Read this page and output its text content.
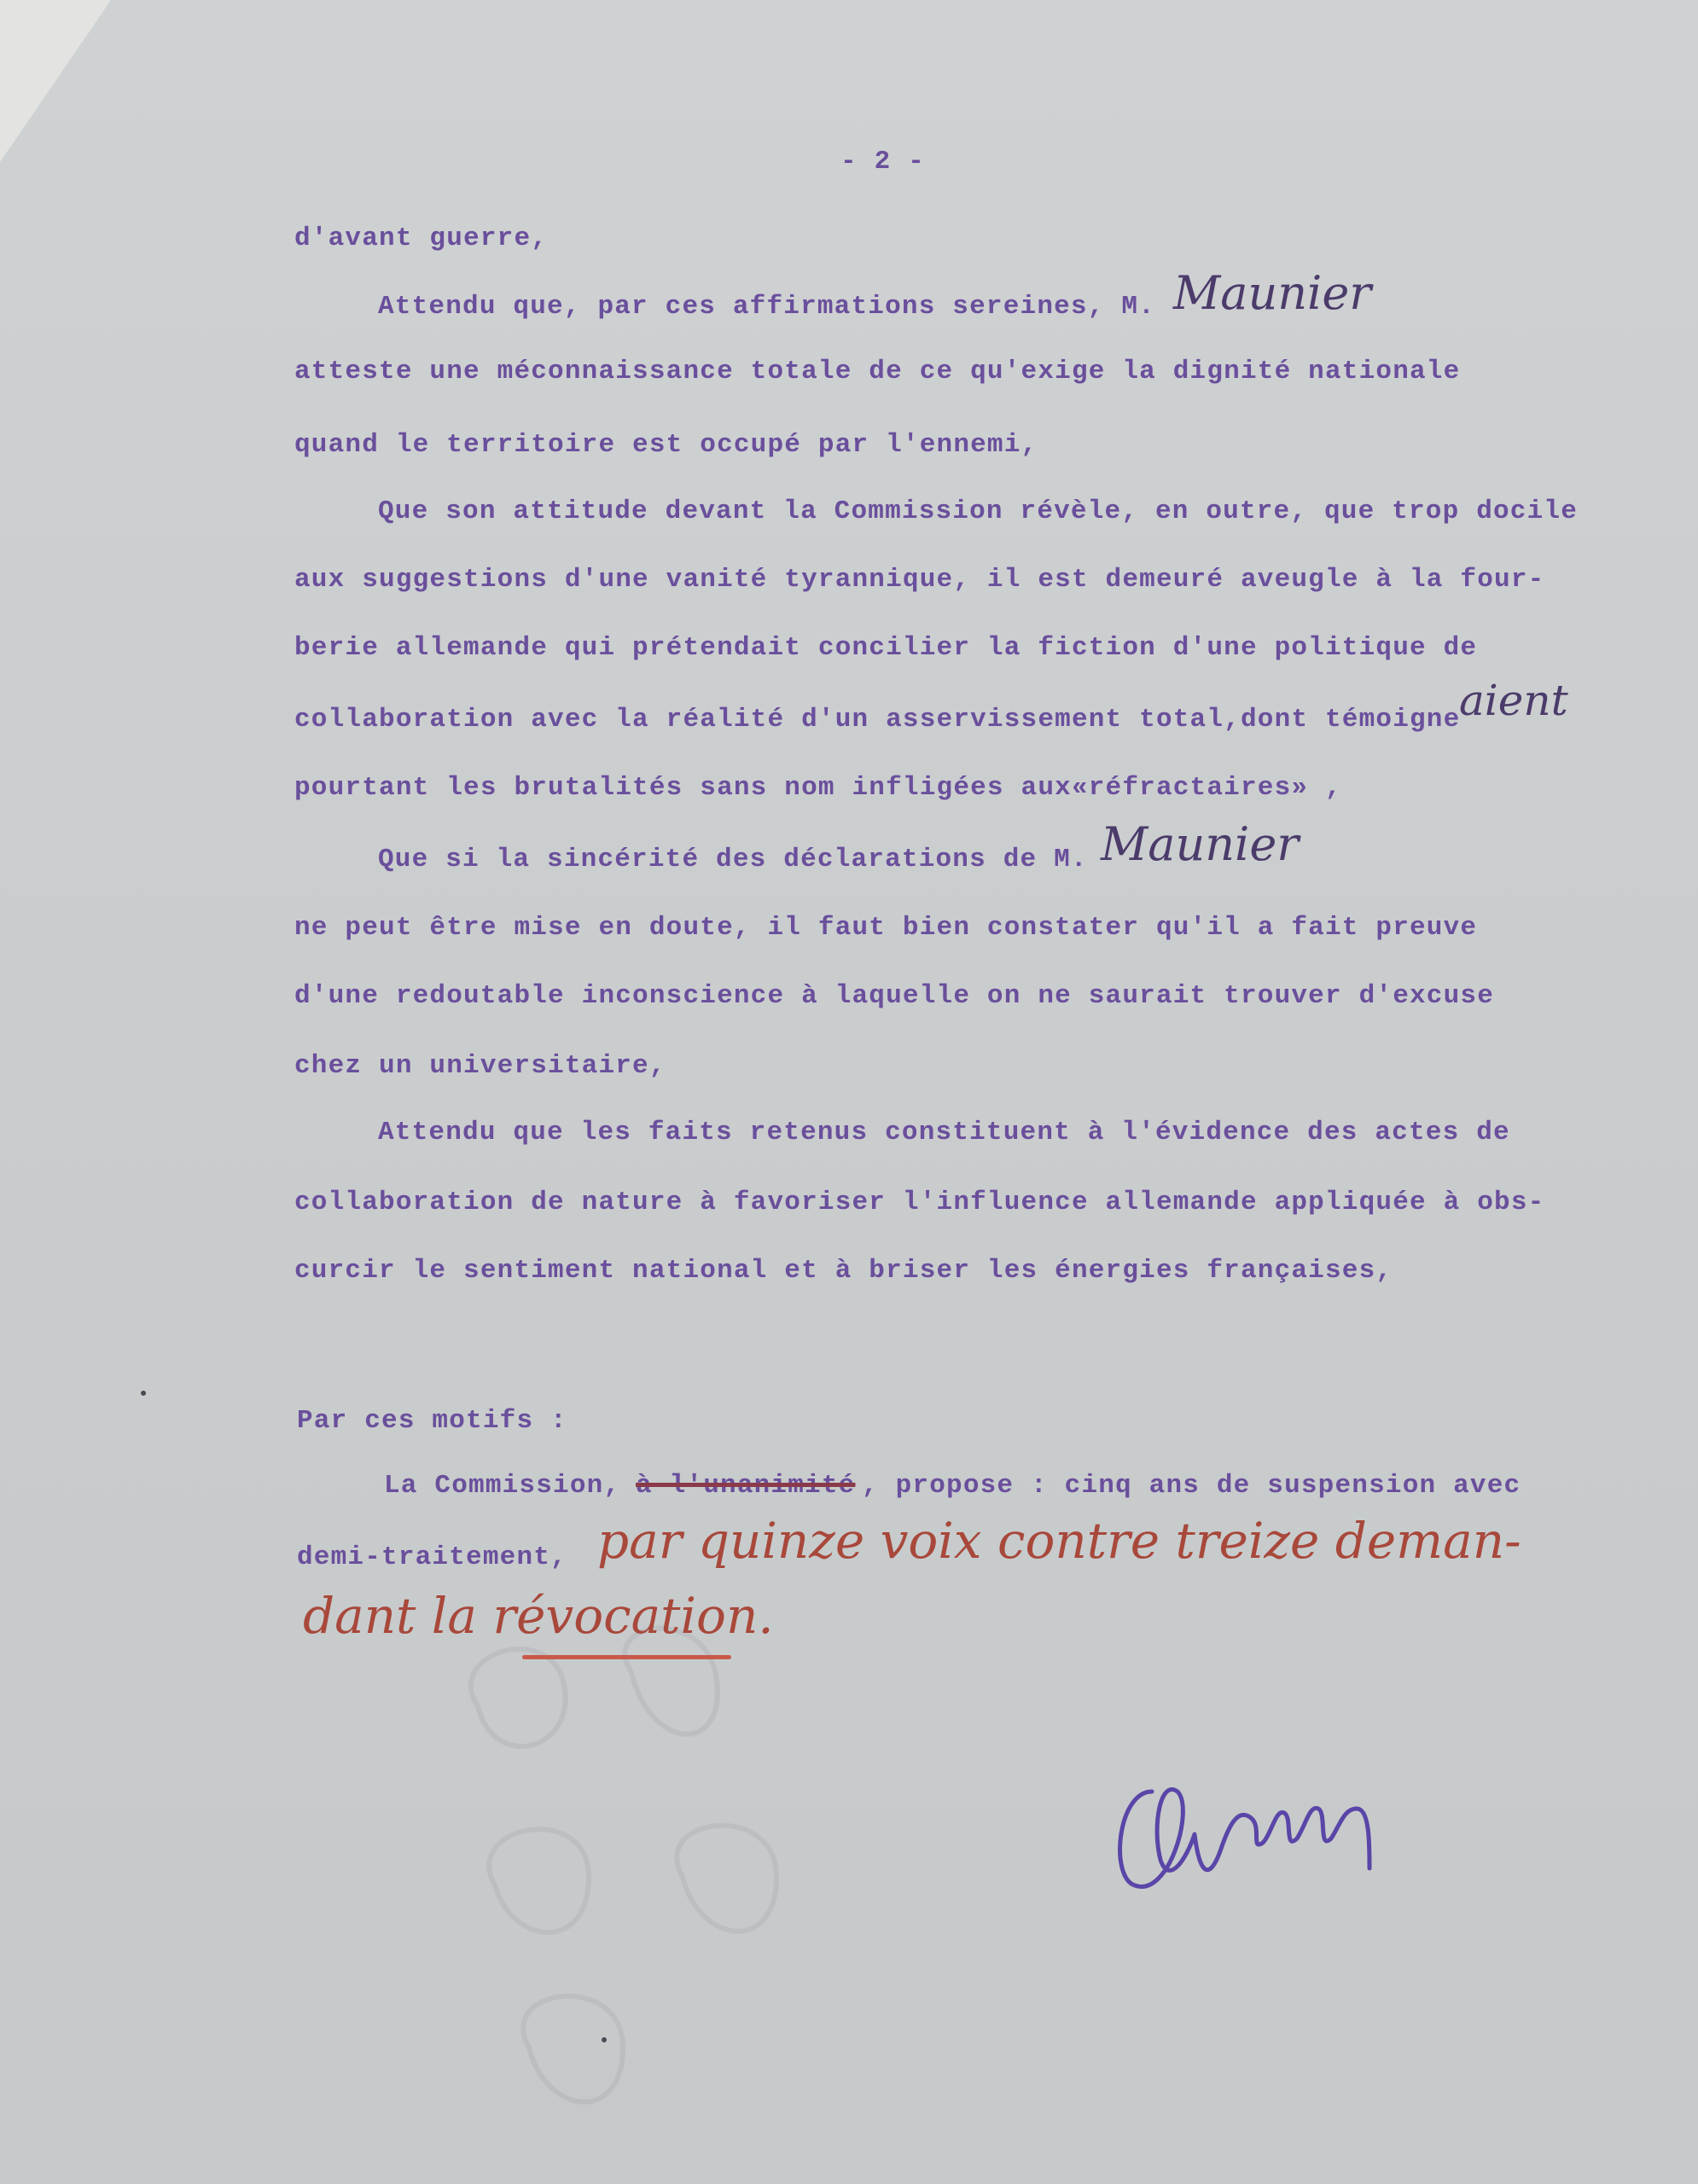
- 2 -
d'avant guerre,
Attendu que, par ces affirmations sereines, M. Maunier
atteste une méconnaissance totale de ce qu'exige la dignité nationale
quand le territoire est occupé par l'ennemi,
Que son attitude devant la Commission révèle, en outre, que trop docile
aux suggestions d'une vanité tyrannique, il est demeuré aveugle à la four-
berie allemande qui prétendait concilier la fiction d'une politique de
collaboration avec la réalité d'un asservissement total,dont témoigne
aient
pourtant les brutalités sans nom infligées aux«réfractaires» ,
Que si la sincérité des déclarations de M. Maunier
ne peut être mise en doute, il faut bien constater qu'il a fait preuve
d'une redoutable inconscience à laquelle on ne saurait trouver d'excuse
chez un universitaire,
Attendu que les faits retenus constituent à l'évidence des actes de
collaboration de nature à favoriser l'influence allemande appliquée à obs-
curcir le sentiment national et à briser les énergies françaises,
Par ces motifs :
La Commission, à l'unanimité , propose : cinq ans de suspension avec
demi-traitement, par quinze voix contre treize deman-
dant la révocation.
